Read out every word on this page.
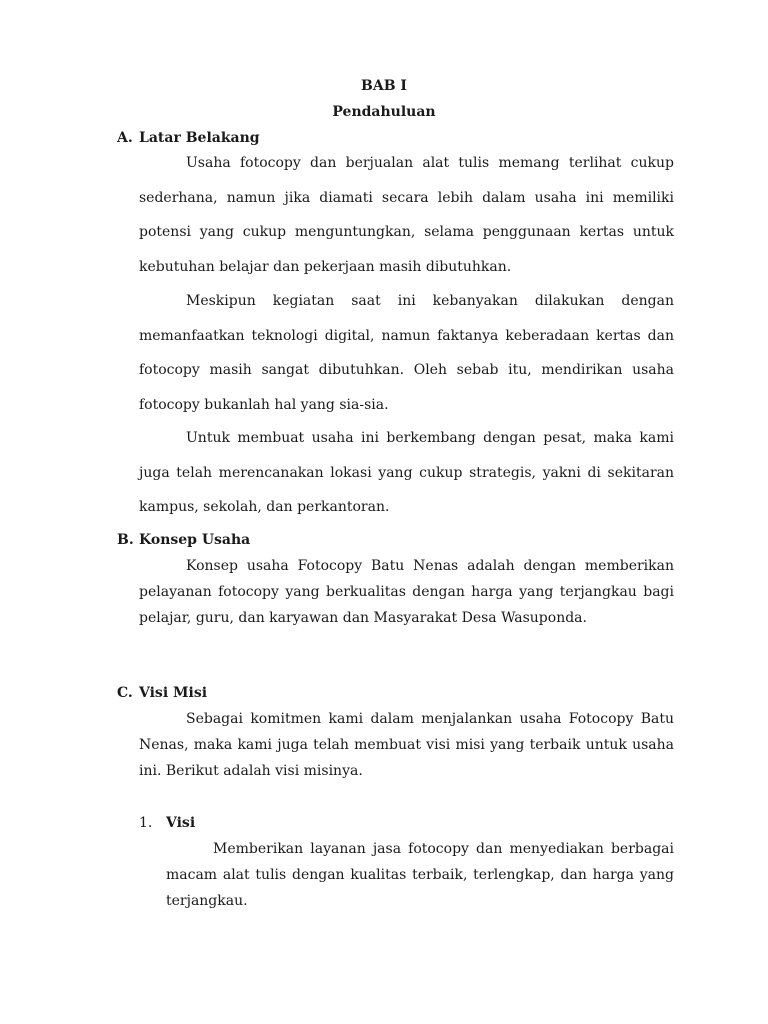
BAB I
Pendahuluan
A. Latar Belakang

Usaha fotocopy dan berjualan alat tulis memang terlihat cukup sederhana, namun jika diamati secara lebih dalam usaha ini memiliki potensi yang cukup menguntungkan, selama penggunaan kertas untuk kebutuhan belajar dan pekerjaan masih dibutuhkan.

Meskipun kegiatan saat ini kebanyakan dilakukan dengan memanfaatkan teknologi digital, namun faktanya keberadaan kertas dan fotocopy masih sangat dibutuhkan. Oleh sebab itu, mendirikan usaha fotocopy bukanlah hal yang sia-sia.

Untuk membuat usaha ini berkembang dengan pesat, maka kami juga telah merencanakan lokasi yang cukup strategis, yakni di sekitaran kampus, sekolah, dan perkantoran.

B. Konsep Usaha

Konsep usaha Fotocopy Batu Nenas adalah dengan memberikan pelayanan fotocopy yang berkualitas dengan harga yang terjangkau bagi pelajar, guru, dan karyawan dan Masyarakat Desa Wasuponda.

C. Visi Misi

Sebagai komitmen kami dalam menjalankan usaha Fotocopy Batu Nenas, maka kami juga telah membuat visi misi yang terbaik untuk usaha ini. Berikut adalah visi misinya.

1. Visi

Memberikan layanan jasa fotocopy dan menyediakan berbagai macam alat tulis dengan kualitas terbaik, terlengkap, dan harga yang terjangkau.
